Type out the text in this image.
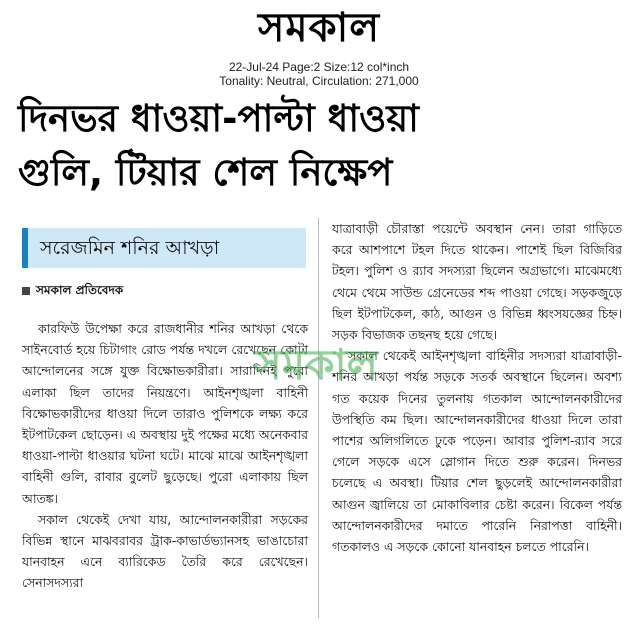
সমকাল
22-Jul-24 Page:2 Size:12 col*inch
Tonality: Neutral, Circulation: 271,000
দিনভর ধাওয়া-পাল্টা ধাওয়া
গুলি, টিয়ার শেল নিক্ষেপ
সরেজমিন শনির আখড়া
সমকাল প্রতিবেদক

কারফিউ উপেক্ষা করে রাজধানীর শনির আখড়া থেকে সাইনবোর্ড হয়ে চিটাগাং রোড পর্যন্ত দখলে রেখেছেন কোটা আন্দোলনের সঙ্গে যুক্ত বিক্ষোভকারীরা। সারাদিনই পুরো এলাকা ছিল তাদের নিয়ন্ত্রণে। আইনশৃঙ্খলা বাহিনী বিক্ষোভকারীদের ধাওয়া দিলে তারাও পুলিশকে লক্ষ্য করে ইটপাটকেল ছোড়েন। এ অবস্থায় দুই পক্ষের মধ্যে অনেকবার ধাওয়া-পাল্টা ধাওয়ার ঘটনা ঘটে। মাঝে মাঝে আইনশৃঙ্খলা বাহিনী গুলি, রাবার বুলেট ছুড়েছে। পুরো এলাকায় ছিল আতঙ্ক।

সকাল থেকেই দেখা যায়, আন্দোলনকারীরা সড়কের বিভিন্ন স্থানে মাঝবরাবর ট্রাক-কাভার্ডভ্যানসহ ভাঙাচোরা যানবাহন এনে ব্যারিকেড তৈরি করে রেখেছেন। সেনাসদস্যরা

যাত্রাবাড়ী চৌরাস্তা পয়েন্টে অবস্থান নেন। তারা গাড়িতে করে আশপাশে টহল দিতে থাকেন। পাশেই ছিল বিজিবির টহল। পুলিশ ও র‌্যাব সদস্যরা ছিলেন অগ্রভাগে। মাঝেমধ্যে থেমে থেমে সাউন্ড গ্রেনেডের শব্দ পাওয়া গেছে। সড়কজুড়ে ছিল ইটপাটকেল, কাঠ, আগুন ও বিভিন্ন ধ্বংসযজ্ঞের চিহ্ন। সড়ক বিভাজক তছনছ হয়ে গেছে।

সকাল থেকেই আইনশৃঙ্খলা বাহিনীর সদস্যরা যাত্রাবাড়ী-শনির আখড়া পর্যন্ত সড়কে সতর্ক অবস্থানে ছিলেন। অবশ্য গত কয়েক দিনের তুলনায় গতকাল আন্দোলনকারীদের উপস্থিতি কম ছিল। আন্দোলনকারীদের ধাওয়া দিলে তারা পাশের অলিগলিতে ঢুকে পড়েন। আবার পুলিশ-র‌্যাব সরে গেলে সড়কে এসে স্লোগান দিতে শুরু করেন। দিনভর চলেছে এ অবস্থা। টিয়ার শেল ছুড়লেই আন্দোলনকারীরা আগুন জ্বালিয়ে তা মোকাবিলার চেষ্টা করেন। বিকেল পর্যন্ত আন্দোলনকারীদের দমাতে পারেনি নিরাপত্তা বাহিনী। গতকালও এ সড়কে কোনো যানবাহন চলতে পারেনি।

সমকাল
